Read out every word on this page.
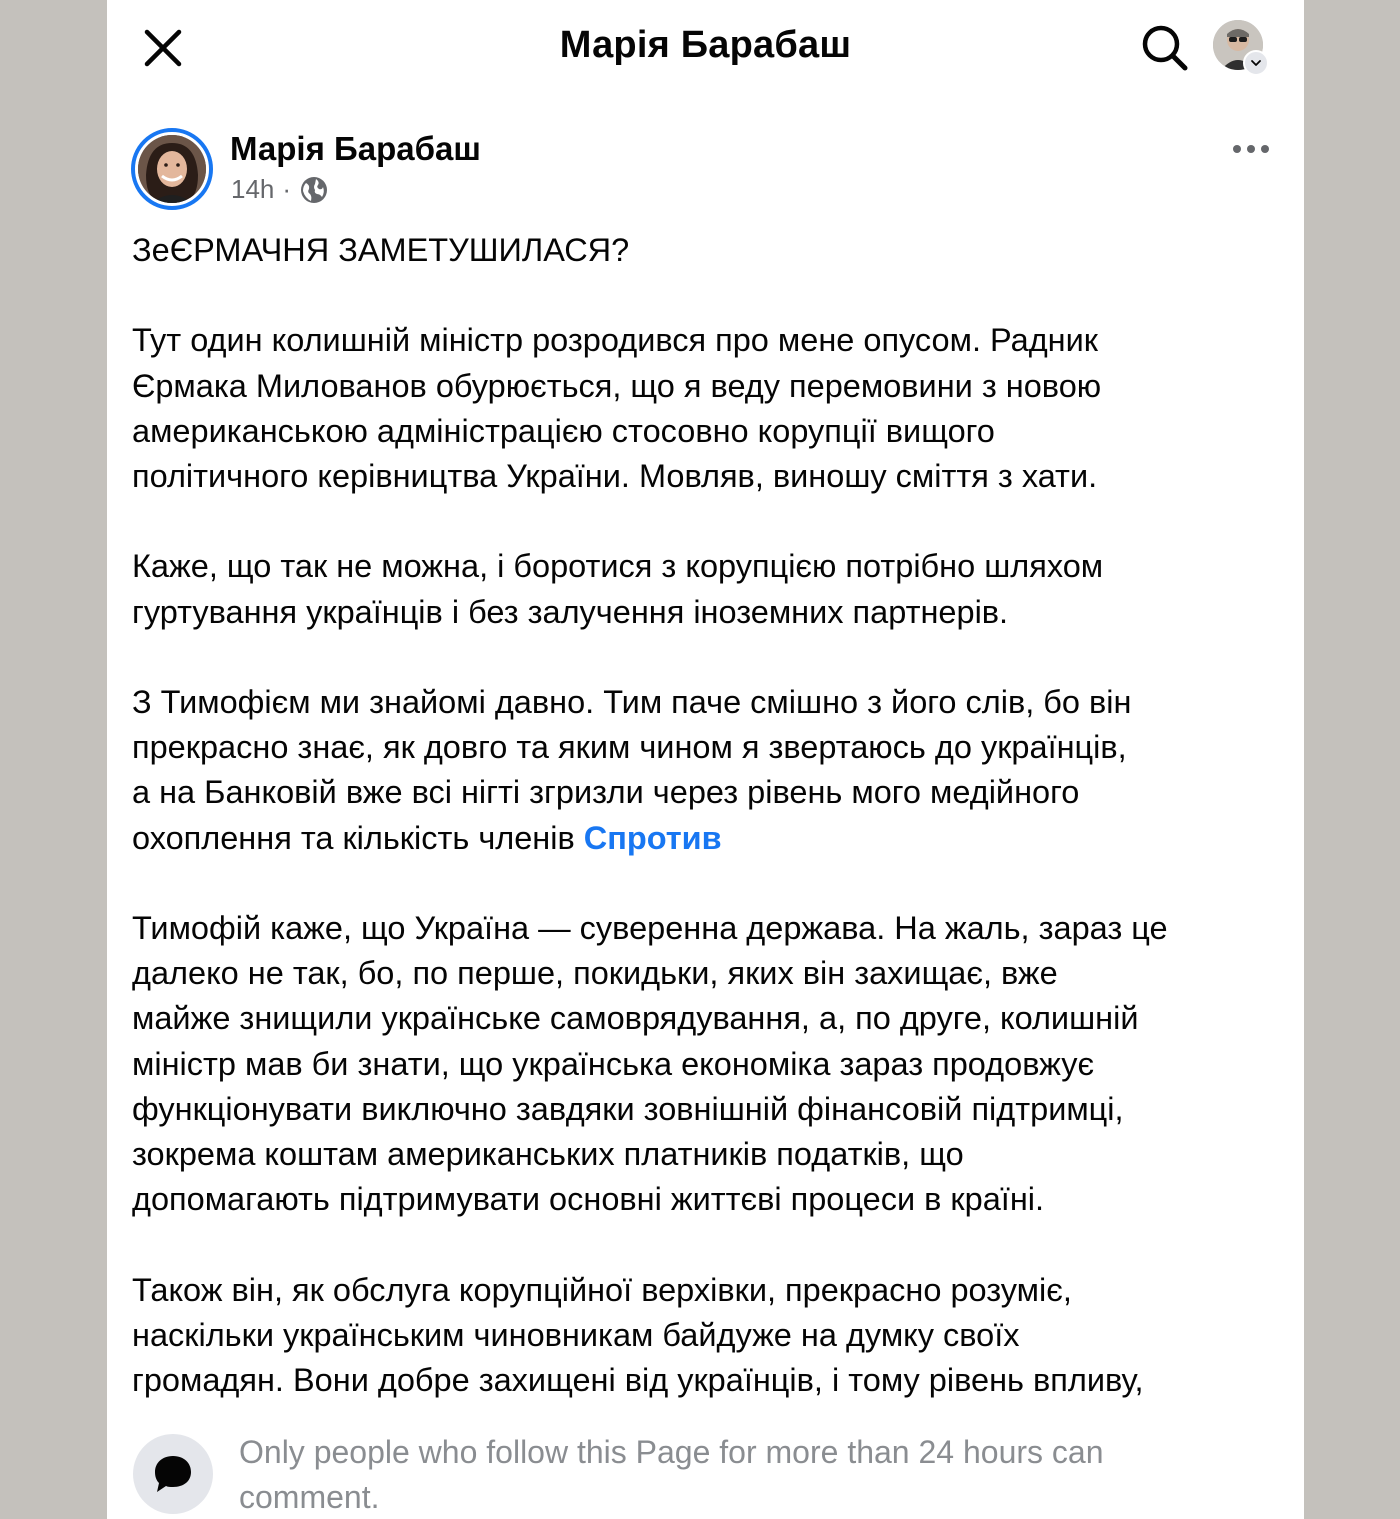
Марія Барабаш
Марія Барабаш
14h ·

ЗеЄРМАЧНЯ ЗАМЕТУШИЛАСЯ?

Тут один колишній міністр розродився про мене опусом. Радник
Єрмака Милованов обурюється, що я веду перемовини з новою
американською адміністрацією стосовно корупції вищого
політичного керівництва України. Мовляв, виношу сміття з хати.

Каже, що так не можна, і боротися з корупцією потрібно шляхом
гуртування українців і без залучення іноземних партнерів.

З Тимофієм ми знайомі давно. Тим паче смішно з його слів, бо він
прекрасно знає, як довго та яким чином я звертаюсь до українців,
а на Банковій вже всі нігті згризли через рівень мого медійного
охоплення та кількість членів Спротив

Тимофій каже, що Україна — суверенна держава. На жаль, зараз це
далеко не так, бо, по перше, покидьки, яких він захищає, вже
майже знищили українське самоврядування, а, по друге, колишній
міністр мав би знати, що українська економіка зараз продовжує
функціонувати виключно завдяки зовнішній фінансовій підтримці,
зокрема коштам американських платників податків, що
допомагають підтримувати основні життєві процеси в країні.

Також він, як обслуга корупційної верхівки, прекрасно розуміє,
наскільки українським чиновникам байдуже на думку своїх
громадян. Вони добре захищені від українців, і тому рівень впливу,

Only people who follow this Page for more than 24 hours can comment.
